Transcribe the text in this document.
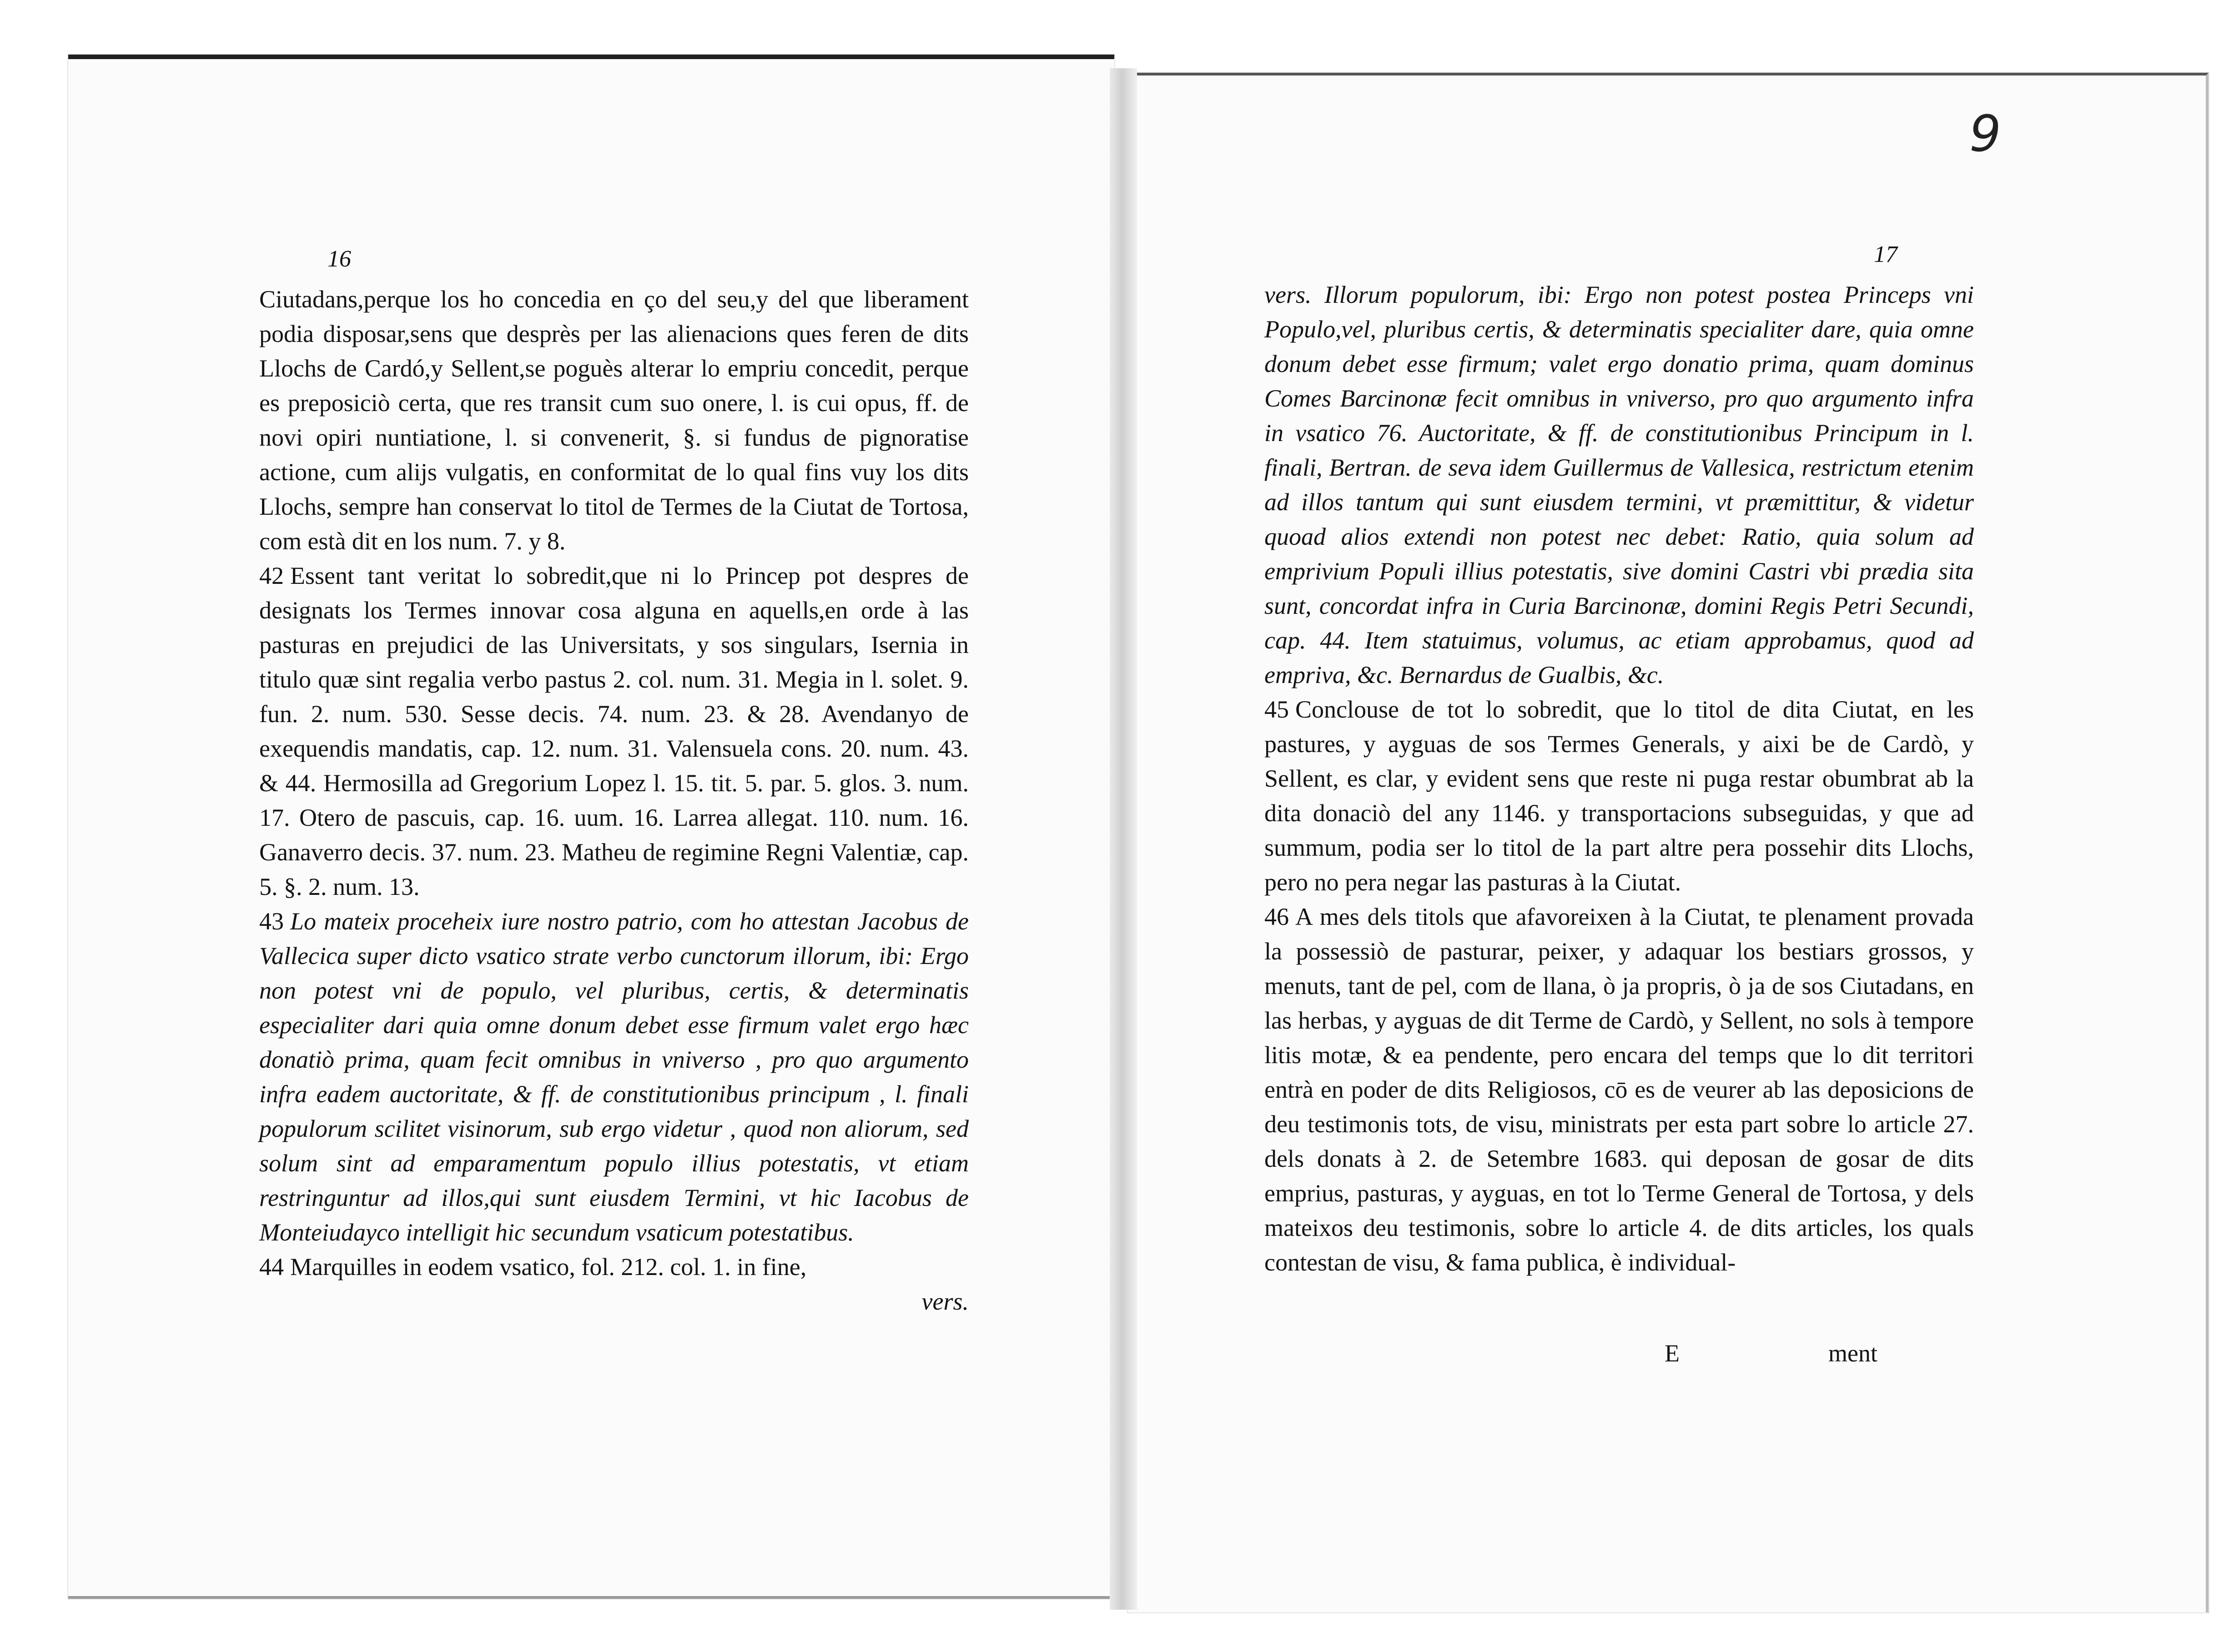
16

Ciutadans,perque los ho concedia en ço del seu,y del que liberament podia disposar,sens que desprès per las alienacions ques feren de dits Llochs de Cardó,y Sellent,se poguès alterar lo empriu concedit, perque es preposiciò certa, que res transit cum suo onere, l. is cui opus, ff. de novi opiri nuntiatione, l. si convenerit, §. si fundus de pignoratise actione, cum alijs vulgatis, en conformitat de lo qual fins vuy los dits Llochs, sempre han conservat lo titol de Termes de la Ciutat de Tortosa, com està dit en los num. 7. y 8.

42 Essent tant veritat lo sobredit,que ni lo Princep pot despres de designats los Termes innovar cosa alguna en aquells,en orde à las pasturas en prejudici de las Universitats, y sos singulars, Isernia in titulo quæ sint regalia verbo pastus 2. col. num. 31. Megia in l. solet. 9. fun. 2. num. 530. Sesse decis. 74. num. 23. & 28. Avendanyo de exequendis mandatis, cap. 12. num. 31. Valensuela cons. 20. num. 43. & 44. Hermosilla ad Gregorium Lopez l. 15. tit. 5. par. 5. glos. 3. num. 17. Otero de pascuis, cap. 16. uum. 16. Larrea allegat. 110. num. 16. Ganaverro decis. 37. num. 23. Matheu de regimine Regni Valentiæ, cap. 5. §. 2. num. 13.

43 Lo mateix proceheix iure nostro patrio, com ho attestan Jacobus de Vallecica super dicto vsatico strate verbo cunctorum illorum, ibi: Ergo non potest vni de populo, vel pluribus, certis, & determinatis especialiter dari quia omne donum debet esse firmum valet ergo hæc donatiò prima, quam fecit omnibus in vniverso , pro quo argumento infra eadem auctoritate, & ff. de constitutionibus principum , l. finali populorum scilitet visinorum, sub ergo videtur , quod non aliorum, sed solum sint ad emparamentum populo illius potestatis, vt etiam restringuntur ad illos,qui sunt eiusdem Termini, vt hic Iacobus de Monteiudayco intelligit hic secundum vsaticum potestatibus.

44 Marquilles in eodem vsatico, fol. 212. col. 1. in fine,

vers.

9
17

vers. Illorum populorum, ibi: Ergo non potest postea Princeps vni Populo,vel, pluribus certis, & determinatis specialiter dare, quia omne donum debet esse firmum; valet ergo donatio prima, quam dominus Comes Barcinonæ fecit omnibus in vniverso, pro quo argumento infra in vsatico 76. Auctoritate, & ff. de constitutionibus Principum in l. finali, Bertran. de seva idem Guillermus de Vallesica, restrictum etenim ad illos tantum qui sunt eiusdem termini, vt præmittitur, & videtur quoad alios extendi non potest nec debet: Ratio, quia solum ad emprivium Populi illius potestatis, sive domini Castri vbi prædia sita sunt, concordat infra in Curia Barcinonæ, domini Regis Petri Secundi, cap. 44. Item statuimus, volumus, ac etiam approbamus, quod ad empriva, &c. Bernardus de Gualbis, &c.

45 Conclouse de tot lo sobredit, que lo titol de dita Ciutat, en les pastures, y ayguas de sos Termes Generals, y aixi be de Cardò, y Sellent, es clar, y evident sens que reste ni puga restar obumbrat ab la dita donaciò del any 1146. y transportacions subseguidas, y que ad summum, podia ser lo titol de la part altre pera possehir dits Llochs, pero no pera negar las pasturas à la Ciutat.

46 A mes dels titols que afavoreixen à la Ciutat, te plenament provada la possessiò de pasturar, peixer, y adaquar los bestiars grossos, y menuts, tant de pel, com de llana, ò ja propris, ò ja de sos Ciutadans, en las herbas, y ayguas de dit Terme de Cardò, y Sellent, no sols à tempore litis motæ, & ea pendente, pero encara del temps que lo dit territori entrà en poder de dits Religiosos, cō es de veurer ab las deposicions de deu testimonis tots, de visu, ministrats per esta part sobre lo article 27. dels donats à 2. de Setembre 1683. qui deposan de gosar de dits emprius, pasturas, y ayguas, en tot lo Terme General de Tortosa, y dels mateixos deu testimonis, sobre lo article 4. de dits articles, los quals contestan de visu, & fama publica, è individual-

E	ment
